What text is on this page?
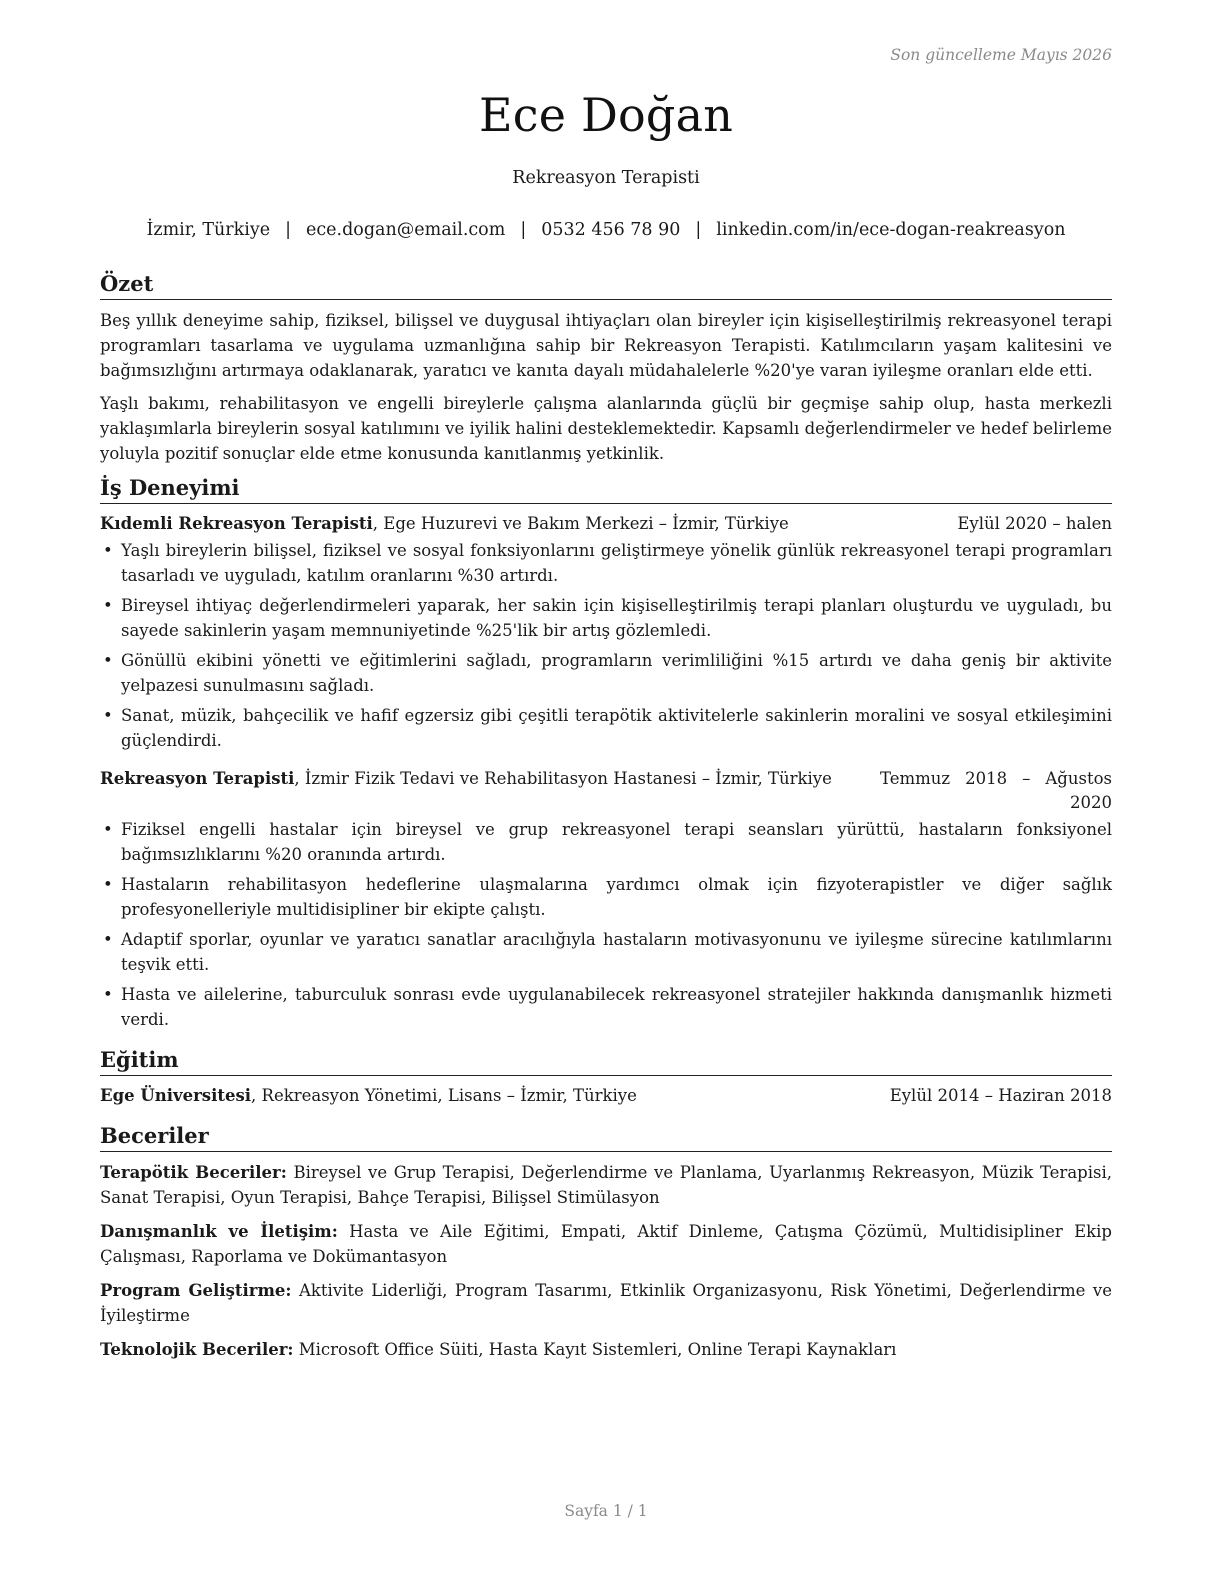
Son güncelleme Mayıs 2026
Ece Doğan
Rekreasyon Terapisti
İzmir, Türkiye | ece.dogan@email.com | 0532 456 78 90 | linkedin.com/in/ece-dogan-reakreasyon
Özet

Beş yıllık deneyime sahip, fiziksel, bilişsel ve duygusal ihtiyaçları olan bireyler için kişiselleştirilmiş rekreasyonel terapi programları tasarlama ve uygulama uzmanlığına sahip bir Rekreasyon Terapisti. Katılımcıların yaşam kalitesini ve bağımsızlığını artırmaya odaklanarak, yaratıcı ve kanıta dayalı müdahalelerle %20'ye varan iyileşme oranları elde etti.

Yaşlı bakımı, rehabilitasyon ve engelli bireylerle çalışma alanlarında güçlü bir geçmişe sahip olup, hasta merkezli yaklaşımlarla bireylerin sosyal katılımını ve iyilik halini desteklemektedir. Kapsamlı değerlendirmeler ve hedef belirleme yoluyla pozitif sonuçlar elde etme konusunda kanıtlanmış yetkinlik.

İş Deneyimi
Kıdemli Rekreasyon Terapisti, Ege Huzurevi ve Bakım Merkezi – İzmir, Türkiye	Eylül 2020 – halen
• Yaşlı bireylerin bilişsel, fiziksel ve sosyal fonksiyonlarını geliştirmeye yönelik günlük rekreasyonel terapi programları tasarladı ve uyguladı, katılım oranlarını %30 artırdı.
• Bireysel ihtiyaç değerlendirmeleri yaparak, her sakin için kişiselleştirilmiş terapi planları oluşturdu ve uyguladı, bu sayede sakinlerin yaşam memnuniyetinde %25'lik bir artış gözlemledi.
• Gönüllü ekibini yönetti ve eğitimlerini sağladı, programların verimliliğini %15 artırdı ve daha geniş bir aktivite yelpazesi sunulmasını sağladı.
• Sanat, müzik, bahçecilik ve hafif egzersiz gibi çeşitli terapötik aktivitelerle sakinlerin moralini ve sosyal etkileşimini güçlendirdi.
Rekreasyon Terapisti, İzmir Fizik Tedavi ve Rehabilitasyon Hastanesi – İzmir, Türkiye	Temmuz 2018 – Ağustos 2020
• Fiziksel engelli hastalar için bireysel ve grup rekreasyonel terapi seansları yürüttü, hastaların fonksiyonel bağımsızlıklarını %20 oranında artırdı.
• Hastaların rehabilitasyon hedeflerine ulaşmalarına yardımcı olmak için fizyoterapistler ve diğer sağlık profesyonelleriyle multidisipliner bir ekipte çalıştı.
• Adaptif sporlar, oyunlar ve yaratıcı sanatlar aracılığıyla hastaların motivasyonunu ve iyileşme sürecine katılımlarını teşvik etti.
• Hasta ve ailelerine, taburculuk sonrası evde uygulanabilecek rekreasyonel stratejiler hakkında danışmanlık hizmeti verdi.
Eğitim
Ege Üniversitesi, Rekreasyon Yönetimi, Lisans – İzmir, Türkiye	Eylül 2014 – Haziran 2018
Beceriler

Terapötik Beceriler: Bireysel ve Grup Terapisi, Değerlendirme ve Planlama, Uyarlanmış Rekreasyon, Müzik Terapisi, Sanat Terapisi, Oyun Terapisi, Bahçe Terapisi, Bilişsel Stimülasyon

Danışmanlık ve İletişim: Hasta ve Aile Eğitimi, Empati, Aktif Dinleme, Çatışma Çözümü, Multidisipliner Ekip Çalışması, Raporlama ve Dokümantasyon

Program Geliştirme: Aktivite Liderliği, Program Tasarımı, Etkinlik Organizasyonu, Risk Yönetimi, Değerlendirme ve İyileştirme

Teknolojik Beceriler: Microsoft Office Süiti, Hasta Kayıt Sistemleri, Online Terapi Kaynakları

Sayfa 1 / 1
